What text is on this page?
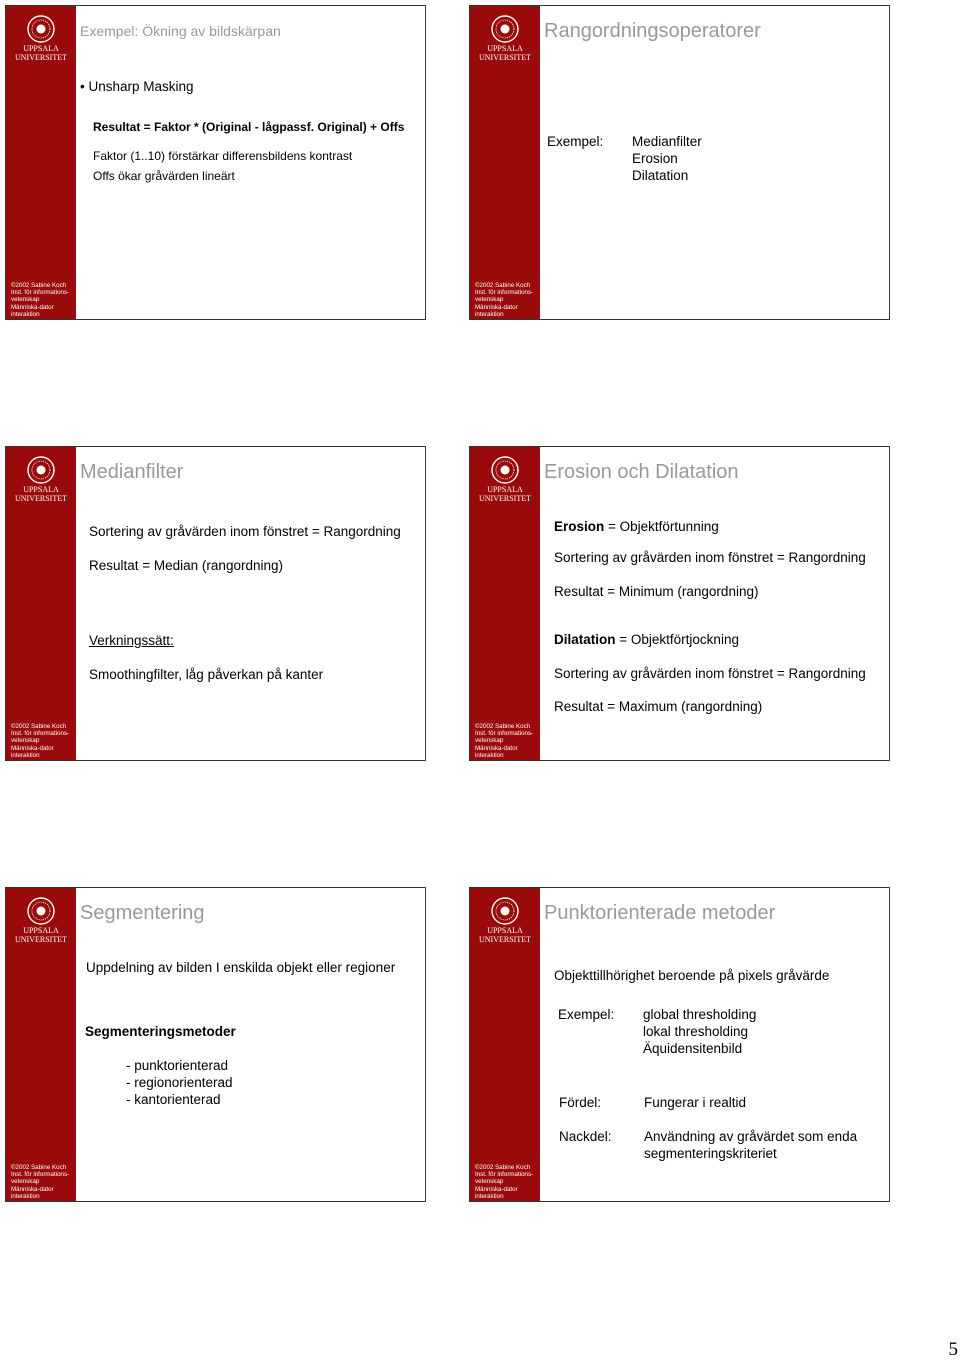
UPPSALA
UNIVERSITET
©2002 Sabine Koch
Inst. för informations-
vetenskap
Människa-dator
interaktion
Exempel: Ökning av bildskärpan
• Unsharp Masking
Resultat = Faktor * (Original - lågpassf. Original) + Offs
Faktor (1..10) förstärkar differensbildens kontrast
Offs ökar gråvärden lineärt
UPPSALA
UNIVERSITET
©2002 Sabine Koch
Inst. för informations-
vetenskap
Människa-dator
interaktion
Rangordningsoperatorer
Exempel: Medianfilter
Erosion
Dilatation
UPPSALA
UNIVERSITET
©2002 Sabine Koch
Inst. för informations-
vetenskap
Människa-dator
interaktion
Medianfilter
Sortering av gråvärden inom fönstret = Rangordning
Resultat = Median (rangordning)
Verkningssätt:
Smoothingfilter, låg påverkan på kanter
UPPSALA
UNIVERSITET
©2002 Sabine Koch
Inst. för informations-
vetenskap
Människa-dator
interaktion
Erosion och Dilatation
Erosion = Objektförtunning
Sortering av gråvärden inom fönstret = Rangordning
Resultat = Minimum (rangordning)
Dilatation = Objektförtjockning
Sortering av gråvärden inom fönstret = Rangordning
Resultat = Maximum (rangordning)
UPPSALA
UNIVERSITET
©2002 Sabine Koch
Inst. för informations-
vetenskap
Människa-dator
interaktion
Segmentering
Uppdelning av bilden I enskilda objekt eller regioner
Segmenteringsmetoder
- punktorienterad
- regionorienterad
- kantorienterad
UPPSALA
UNIVERSITET
©2002 Sabine Koch
Inst. för informations-
vetenskap
Människa-dator
interaktion
Punktorienterade metoder
Objekttillhörighet beroende på pixels gråvärde
Exempel: global thresholding
lokal thresholding
Äquidensitenbild
Fördel:	Fungerar i realtid
Nackdel: Användning av gråvärdet som enda
segmenteringskriteriet
5
